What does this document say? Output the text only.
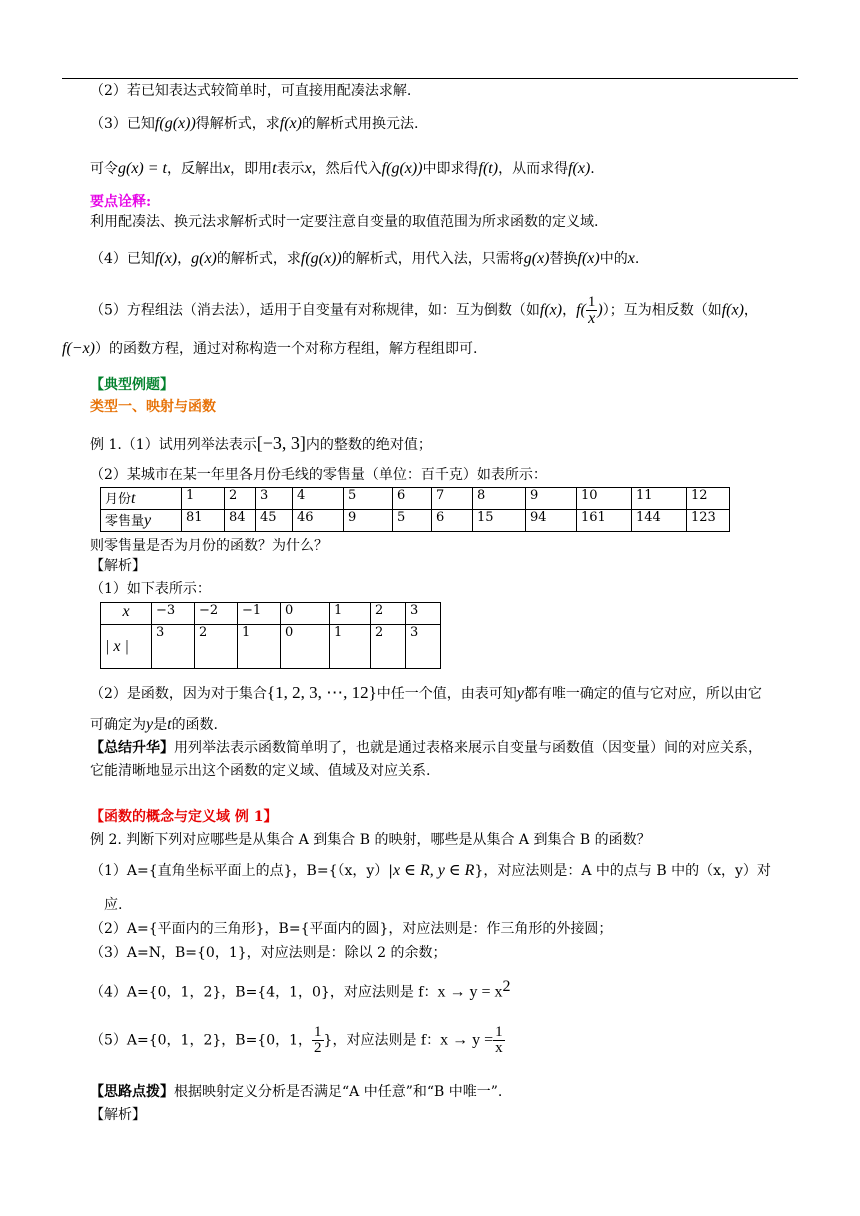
（2）若已知表达式较简单时，可直接用配凑法求解.
（3）已知f(g(x))得解析式，求f(x)的解析式用换元法.
可令g(x) = t，反解出x，即用t表示x，然后代入f(g(x))中即求得f(t)，从而求得f(x).
要点诠释:
利用配凑法、换元法求解析式时一定要注意自变量的取值范围为所求函数的定义域.
（4）已知f(x)，g(x)的解析式，求f(g(x))的解析式，用代入法，只需将g(x)替换f(x)中的x.
（5）方程组法（消去法），适用于自变量有对称规律，如：互为倒数（如f(x)，$f( \frac{1}{x}$ )）；互为相反数（如f(x)，
f(−x)）的函数方程，通过对称构造一个对称方程组，解方程组即可.
【典型例题】
类型一、映射与函数
例 1.（1）试用列举法表示[−3, 3]内的整数的绝对值；
（2）某城市在某一年里各月份毛线的零售量（单位：百千克）如表所示：
月份t	1	2	3	4	5	6	7	8	9	10	11	12
零售量y	81	84	45	46	9	5	6	15	94	161	144	123
则零售量是否为月份的函数？为什么？
【解析】
（1）如下表所示：
x	−3	−2	−1	0	1	2	3
| x |	3	2	1	0	1	2	3
（2）是函数，因为对于集合{1, 2, 3, ⋯, 12}中任一个值，由表可知y都有唯一确定的值与它对应，所以由它
可确定为y是t的函数.
【总结升华】用列举法表示函数简单明了，也就是通过表格来展示自变量与函数值（因变量）间的对应关系，
它能清晰地显示出这个函数的定义域、值域及对应关系.
【函数的概念与定义域 例 1】
例 2. 判断下列对应哪些是从集合 A 到集合 B 的映射，哪些是从集合 A 到集合 B 的函数？
（1）A={直角坐标平面上的点}，B={（x，y）|x ∈ R, y ∈ R}，对应法则是：A 中的点与 B 中的（x，y）对
应.
（2）A={平面内的三角形}，B={平面内的圆}，对应法则是：作三角形的外接圆；
（3）A=N，B={0，1}，对应法则是：除以 2 的余数；
（4）A={0，1，2}，B={4，1，0}，对应法则是 f：$x \to y = x^2$
（5）A={0，1，2}，B={0，1， $\frac{1}{2}$ }，对应法则是 f：$x \to y = \frac{1}{x}$
【思路点拨】根据映射定义分析是否满足“A 中任意”和“B 中唯一”.
【解析】
